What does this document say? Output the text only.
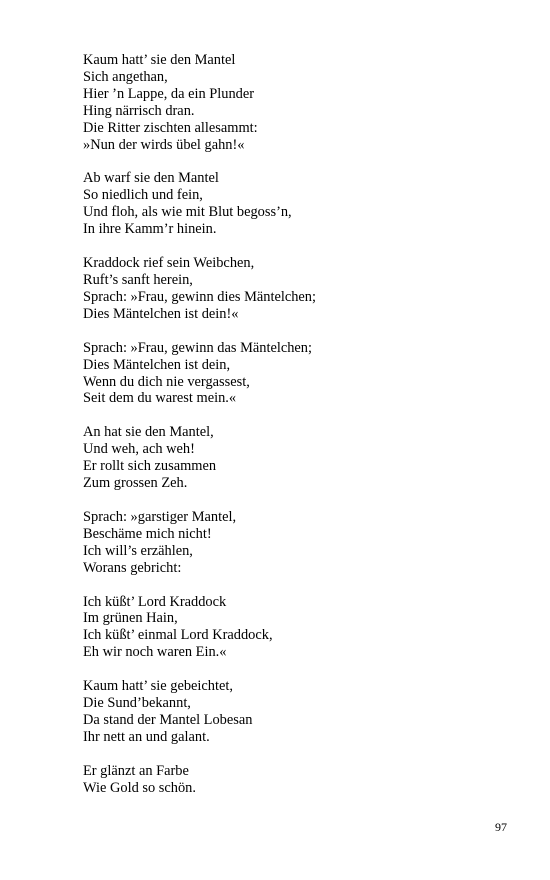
Kaum hatt’ sie den Mantel
Sich angethan,
Hier ’n Lappe, da ein Plunder
Hing närrisch dran.
Die Ritter zischten allesammt:
»Nun der wirds übel gahn!«
Ab warf sie den Mantel
So niedlich und fein,
Und floh, als wie mit Blut begoss’n,
In ihre Kamm’r hinein.
Kraddock rief sein Weibchen,
Ruft’s sanft herein,
Sprach: »Frau, gewinn dies Mäntelchen;
Dies Mäntelchen ist dein!«
Sprach: »Frau, gewinn das Mäntelchen;
Dies Mäntelchen ist dein,
Wenn du dich nie vergassest,
Seit dem du warest mein.«
An hat sie den Mantel,
Und weh, ach weh!
Er rollt sich zusammen
Zum grossen Zeh.
Sprach: »garstiger Mantel,
Beschäme mich nicht!
Ich will’s erzählen,
Worans gebricht:
Ich küßt’ Lord Kraddock
Im grünen Hain,
Ich küßt’ einmal Lord Kraddock,
Eh wir noch waren Ein.«
Kaum hatt’ sie gebeichtet,
Die Sund’bekannt,
Da stand der Mantel Lobesan
Ihr nett an und galant.
Er glänzt an Farbe
Wie Gold so schön.
97
